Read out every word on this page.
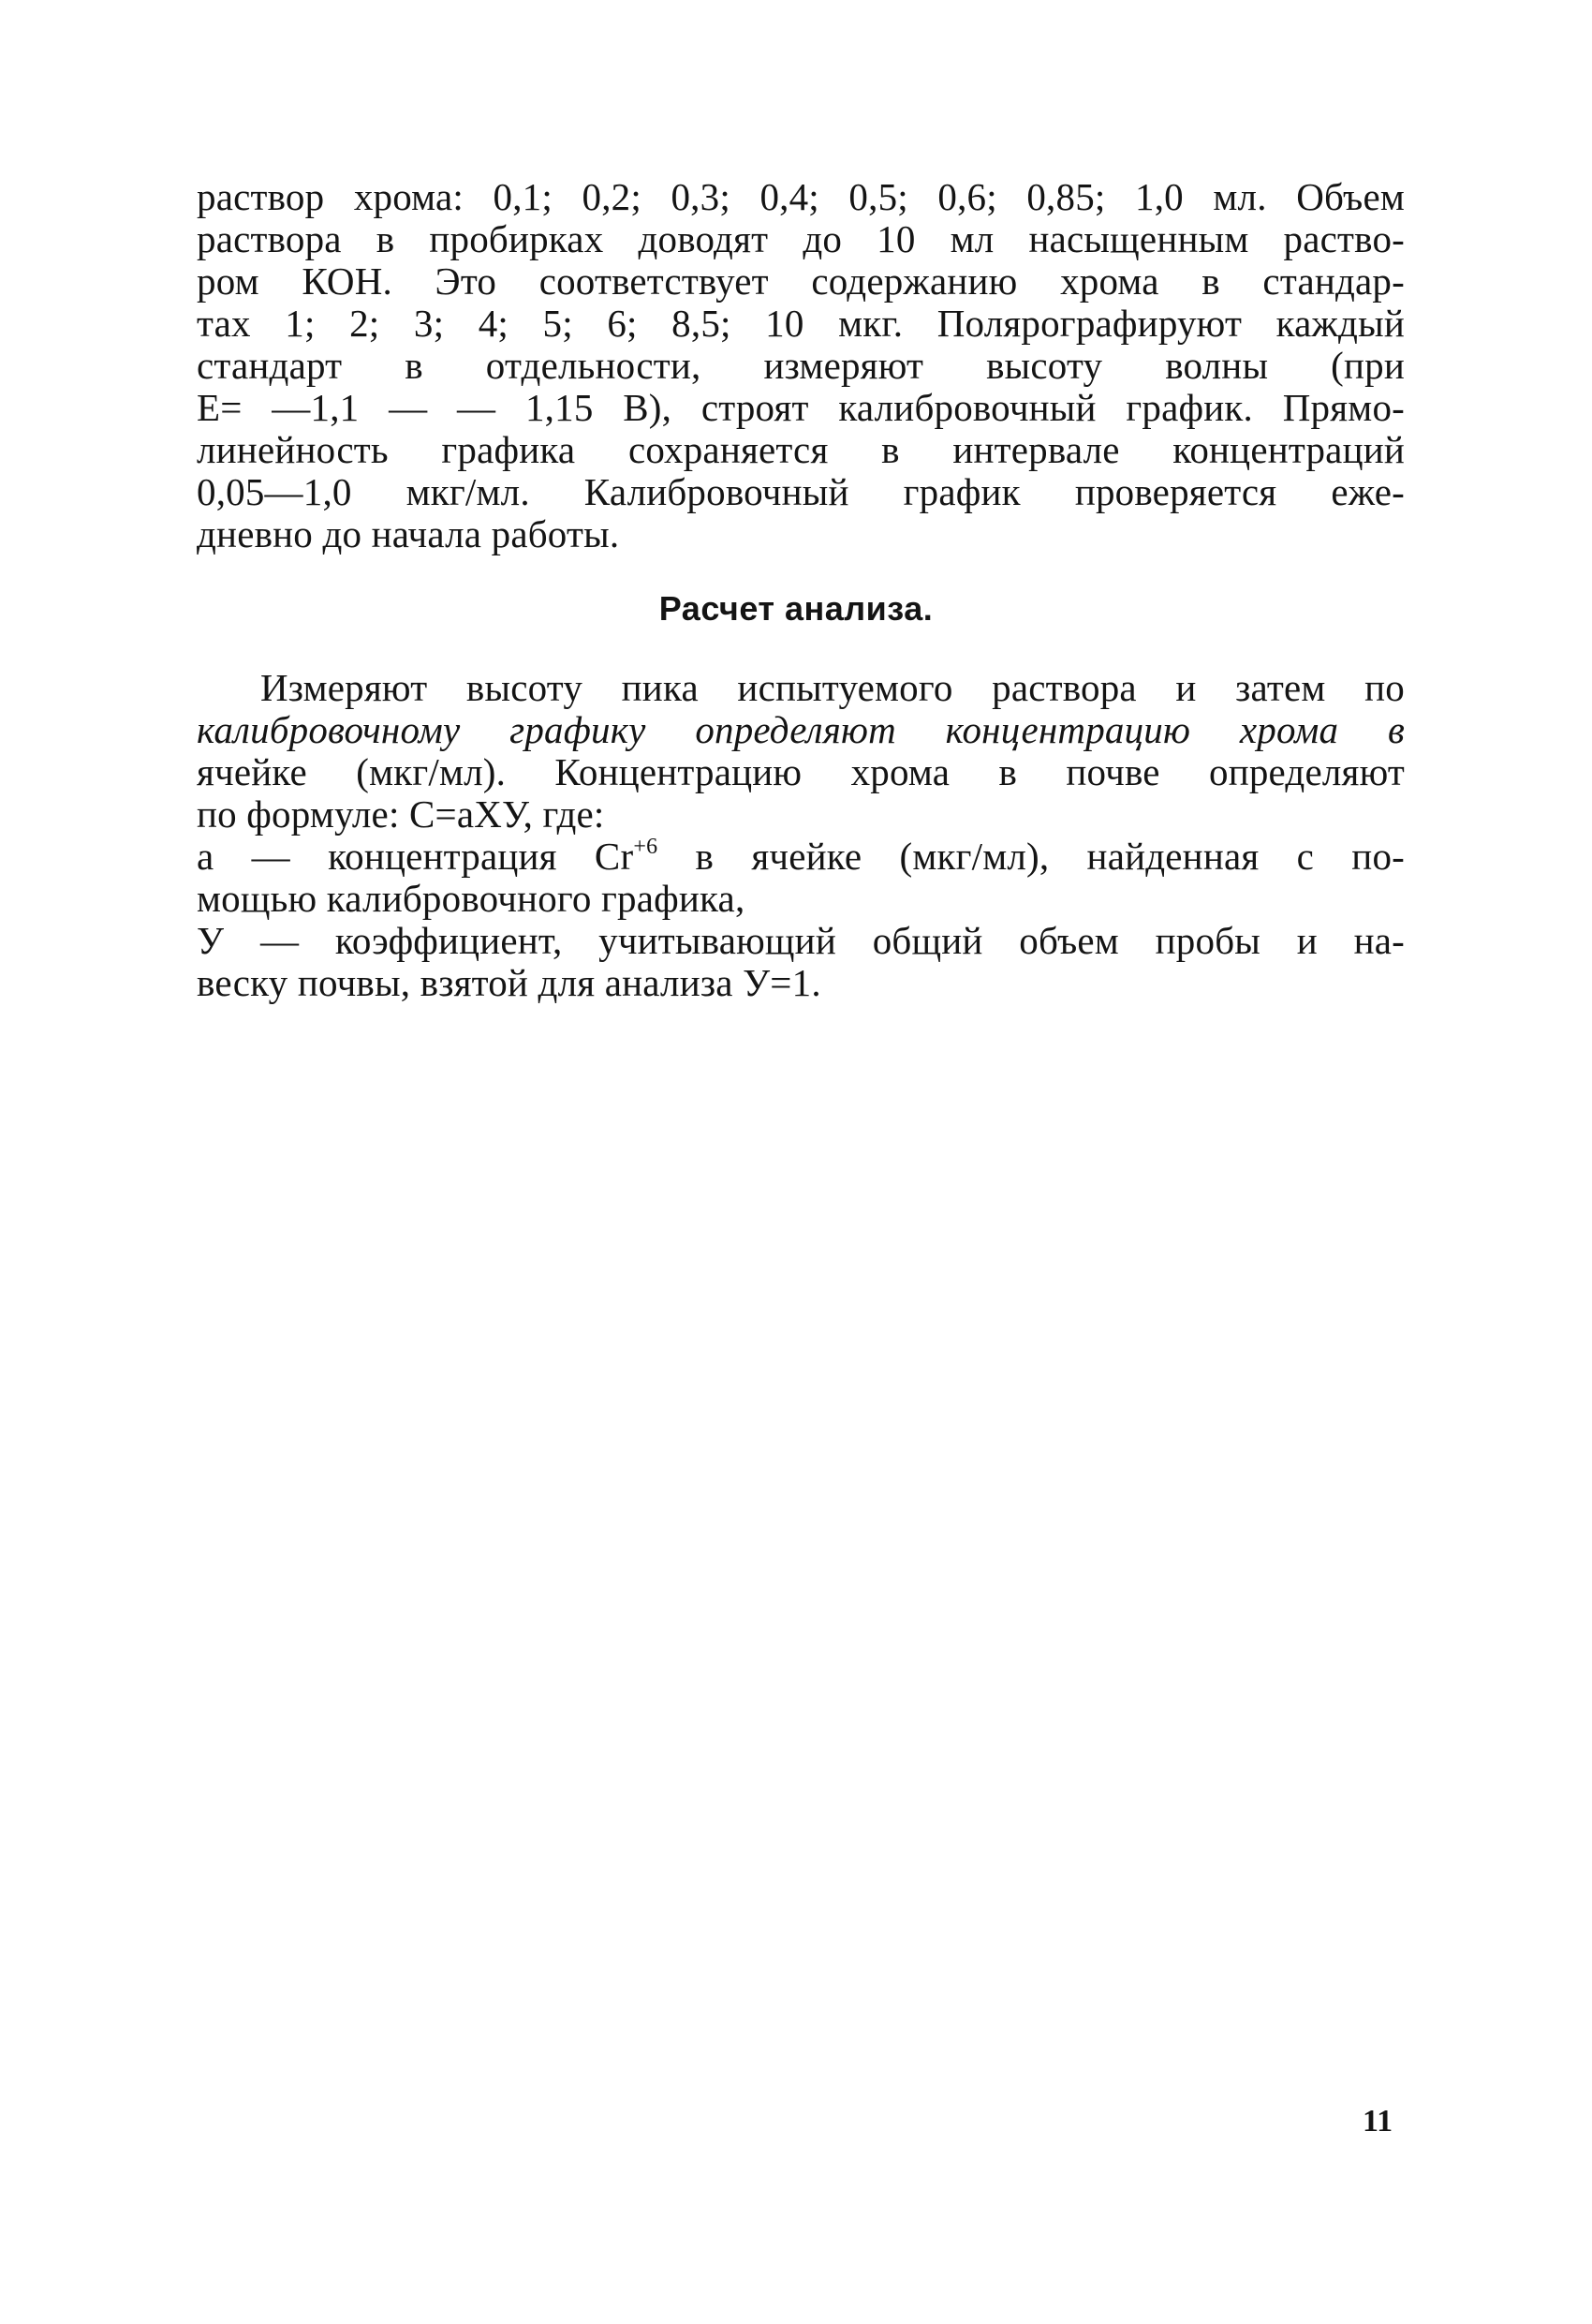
раствор хрома: 0,1; 0,2; 0,3; 0,4; 0,5; 0,6; 0,85; 1,0 мл. Объем
раствора в пробирках доводят до 10 мл насыщенным раство-
ром КОН. Это соответствует содержанию хрома в стандар-
тах 1; 2; 3; 4; 5; 6; 8,5; 10 мкг. Полярографируют каждый
стандарт в отдельности, измеряют высоту волны (при
Е= —1,1 — — 1,15 В), строят калибровочный график. Прямо-
линейность графика сохраняется в интервале концентраций
0,05—1,0 мкг/мл. Калибровочный график проверяется еже-
дневно до начала работы.
Расчет анализа.
Измеряют высоту пика испытуемого раствора и затем по
калибровочному графику определяют концентрацию хрома в
ячейке (мкг/мл). Концентрацию хрома в почве определяют
по формуле: С=аХУ, где:
а — концентрация $Cr^{+6}$ в ячейке (мкг/мл), найденная с по-
мощью калибровочного графика,
У — коэффициент, учитывающий общий объем пробы и на-
веску почвы, взятой для анализа У=1.
11
